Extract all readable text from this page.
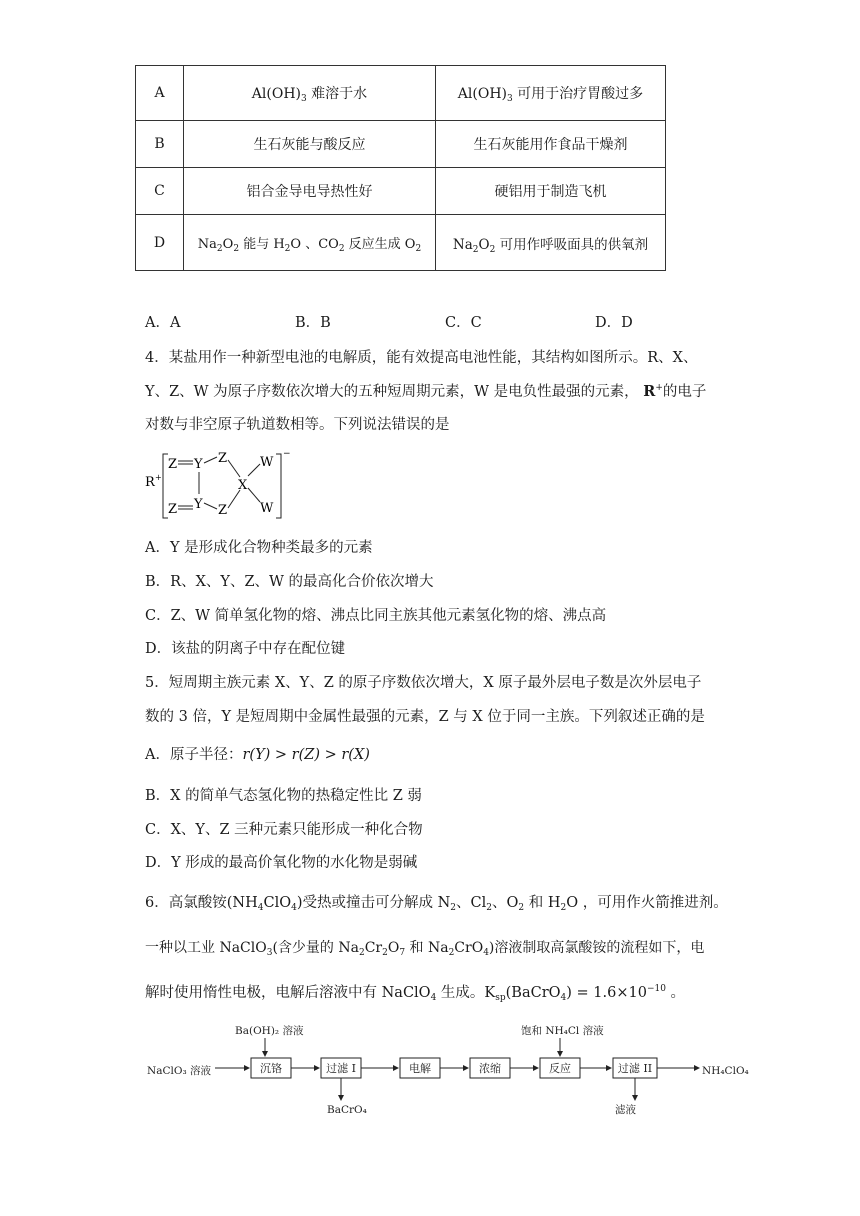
A	$Al(OH)_3$ 难溶于水	$Al(OH)_3$ 可用于治疗胃酸过多
B	生石灰能与酸反应	生石灰能用作食品干燥剂
C	铝合金导电导热性好	硬铝用于制造飞机
D	$Na_2O_2$ 能与 $H_2O$ 、$CO_2$ 反应生成 $O_2$	$Na_2O_2$ 可用作呼吸面具的供氧剂
A．A	B．B	C．C	D．D
4．某盐用作一种新型电池的电解质，能有效提高电池性能，其结构如图所示。R、X、
Y、Z、W 为原子序数依次增大的五种短周期元素，W 是电负性最强的元素， R+的电子
对数与非空原子轨道数相等。下列说法错误的是
R +
−
Z Y Z	W
X
Z Y Z	W
A．Y 是形成化合物种类最多的元素
B．R、X、Y、Z、W 的最高化合价依次增大
C．Z、W 简单氢化物的熔、沸点比同主族其他元素氢化物的熔、沸点高
D．该盐的阴离子中存在配位键
5．短周期主族元素 X、Y、Z 的原子序数依次增大，X 原子最外层电子数是次外层电子
数的 3 倍，Y 是短周期中金属性最强的元素，Z 与 X 位于同一主族。下列叙述正确的是
A．原子半径：r(Y) > r(Z) > r(X)
B．X 的简单气态氢化物的热稳定性比 Z 弱
C．X、Y、Z 三种元素只能形成一种化合物
D．Y 形成的最高价氧化物的水化物是弱碱
6．高氯酸铵$(NH_4ClO_4)$受热或撞击可分解成 $N_2$、$Cl_2$、$O_2$ 和 $H_2O$ ，可用作火箭推进剂。
一种以工业 NaClO$_3$(含少量的 $Na_2Cr_2O_7$ 和 $Na_2CrO_4$)溶液制取高氯酸铵的流程如下，电
解时使用惰性电极，电解后溶液中有 NaClO$_4$ 生成。$K_{sp}(BaCrO_4) = 1.6\times 10^{-10}$ 。
NaClO₃ 溶液
Ba(OH)₂ 溶液	饱和 NH₄Cl 溶液
BaCrO₄	滤液
NH₄ClO₄
沉铬	过滤 I	电解	浓缩	反应	过滤 II
